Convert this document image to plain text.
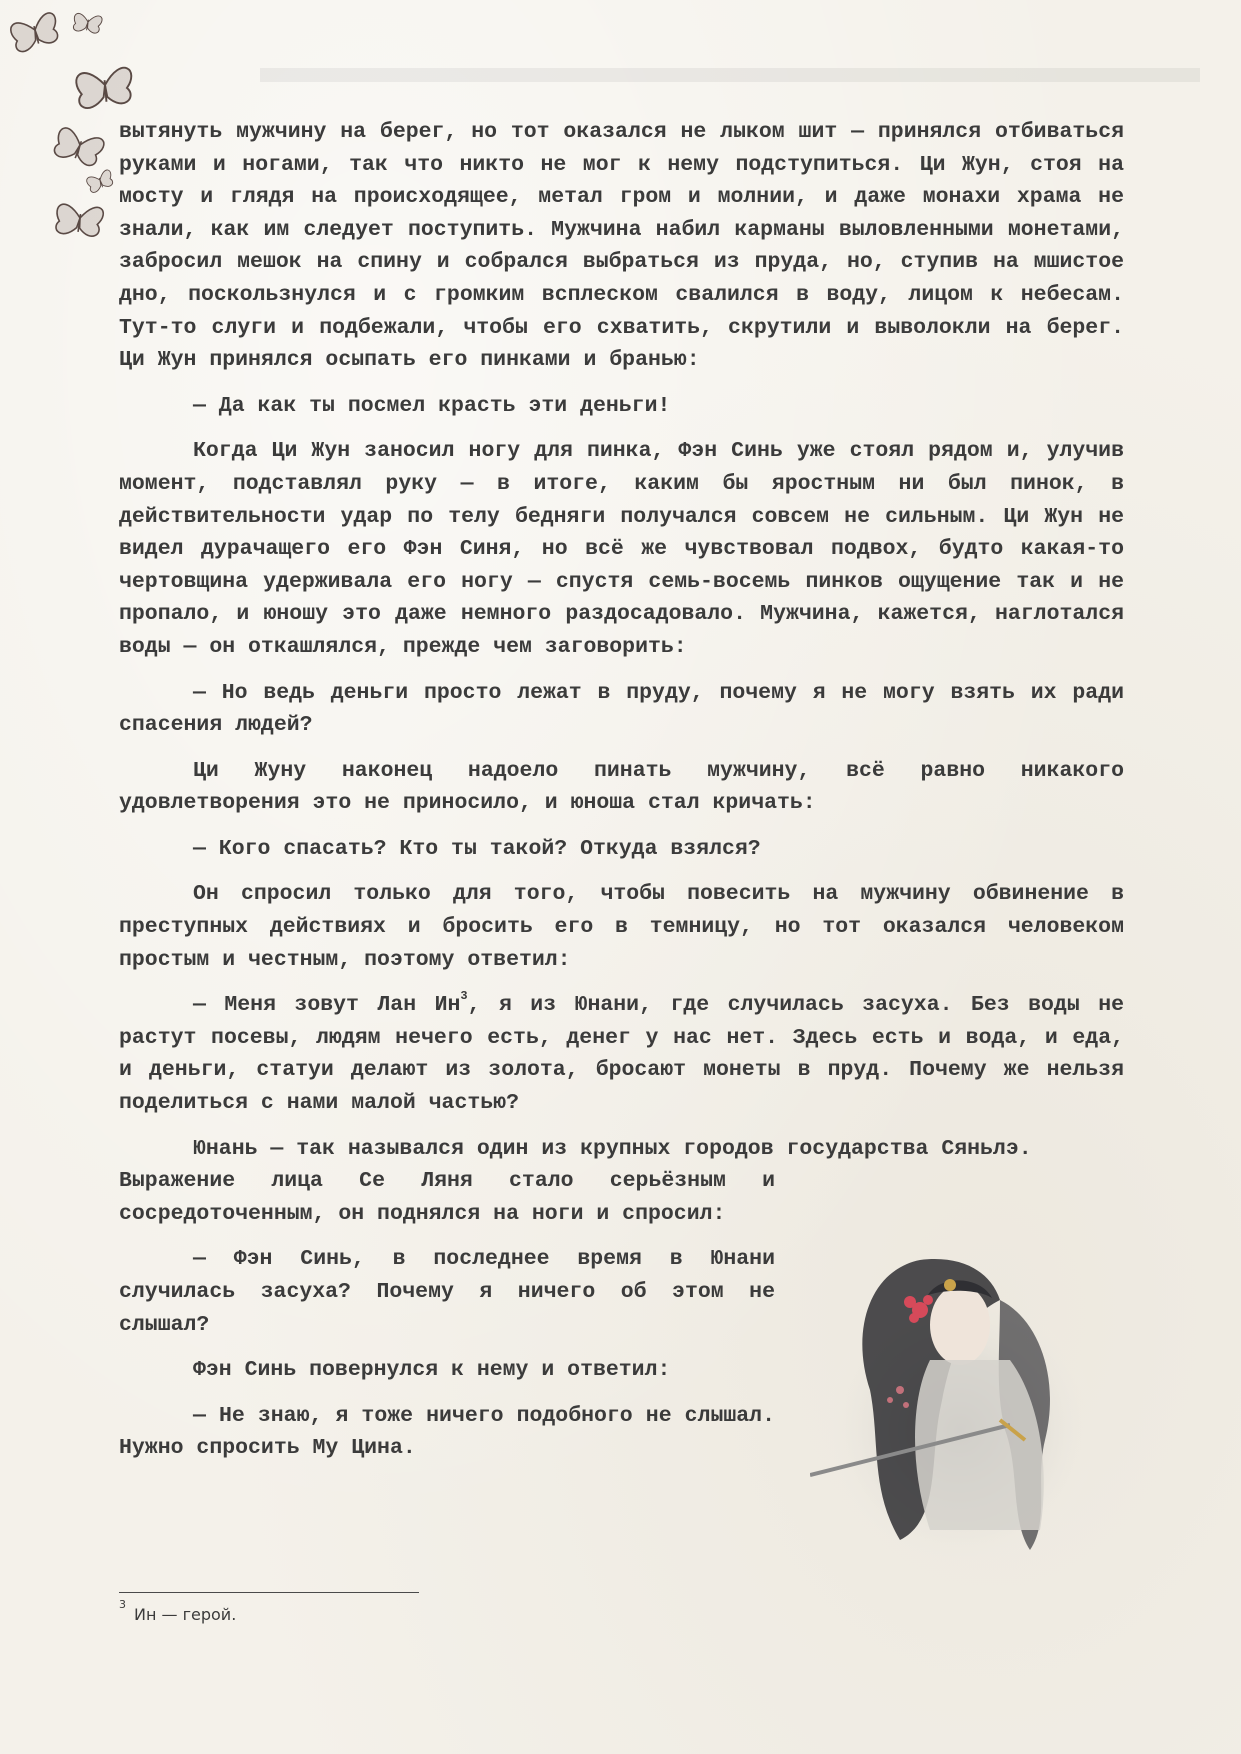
вытянуть мужчину на берег, но тот оказался не лыком шит — принялся отбиваться руками и ногами, так что никто не мог к нему подступиться. Ци Жун, стоя на мосту и глядя на происходящее, метал гром и молнии, и даже монахи храма не знали, как им следует поступить. Мужчина набил карманы выловленными монетами, забросил мешок на спину и собрался выбраться из пруда, но, ступив на мшистое дно, поскользнулся и с громким всплеском свалился в воду, лицом к небесам. Тут-то слуги и подбежали, чтобы его схватить, скрутили и выволокли на берег. Ци Жун принялся осыпать его пинками и бранью:

— Да как ты посмел красть эти деньги!

Когда Ци Жун заносил ногу для пинка, Фэн Синь уже стоял рядом и, улучив момент, подставлял руку — в итоге, каким бы яростным ни был пинок, в действительности удар по телу бедняги получался совсем не сильным. Ци Жун не видел дурачащего его Фэн Синя, но всё же чувствовал подвох, будто какая-то чертовщина удерживала его ногу — спустя семь-восемь пинков ощущение так и не пропало, и юношу это даже немного раздосадовало. Мужчина, кажется, наглотался воды — он откашлялся, прежде чем заговорить:

— Но ведь деньги просто лежат в пруду, почему я не могу взять их ради спасения людей?

Ци Жуну наконец надоело пинать мужчину, всё равно никакого удовлетворения это не приносило, и юноша стал кричать:

— Кого спасать? Кто ты такой? Откуда взялся?

Он спросил только для того, чтобы повесить на мужчину обвинение в преступных действиях и бросить его в темницу, но тот оказался человеком простым и честным, поэтому ответил:

— Меня зовут Лан $Ин^3$, я из Юнани, где случилась засуха. Без воды не растут посевы, людям нечего есть, денег у нас нет. Здесь есть и вода, и еда, и деньги, статуи делают из золота, бросают монеты в пруд. Почему же нельзя поделиться с нами малой частью?

Юнань — так назывался один из крупных городов государства Сяньлэ.

Выражение лица Се Ляня стало серьёзным и сосредоточенным, он поднялся на ноги и спросил:

— Фэн Синь, в последнее время в Юнани случилась засуха? Почему я ничего об этом не слышал?

Фэн Синь повернулся к нему и ответил:

— Не знаю, я тоже ничего подобного не слышал. Нужно спросить Му Цина.

$^3$Ин — герой.
